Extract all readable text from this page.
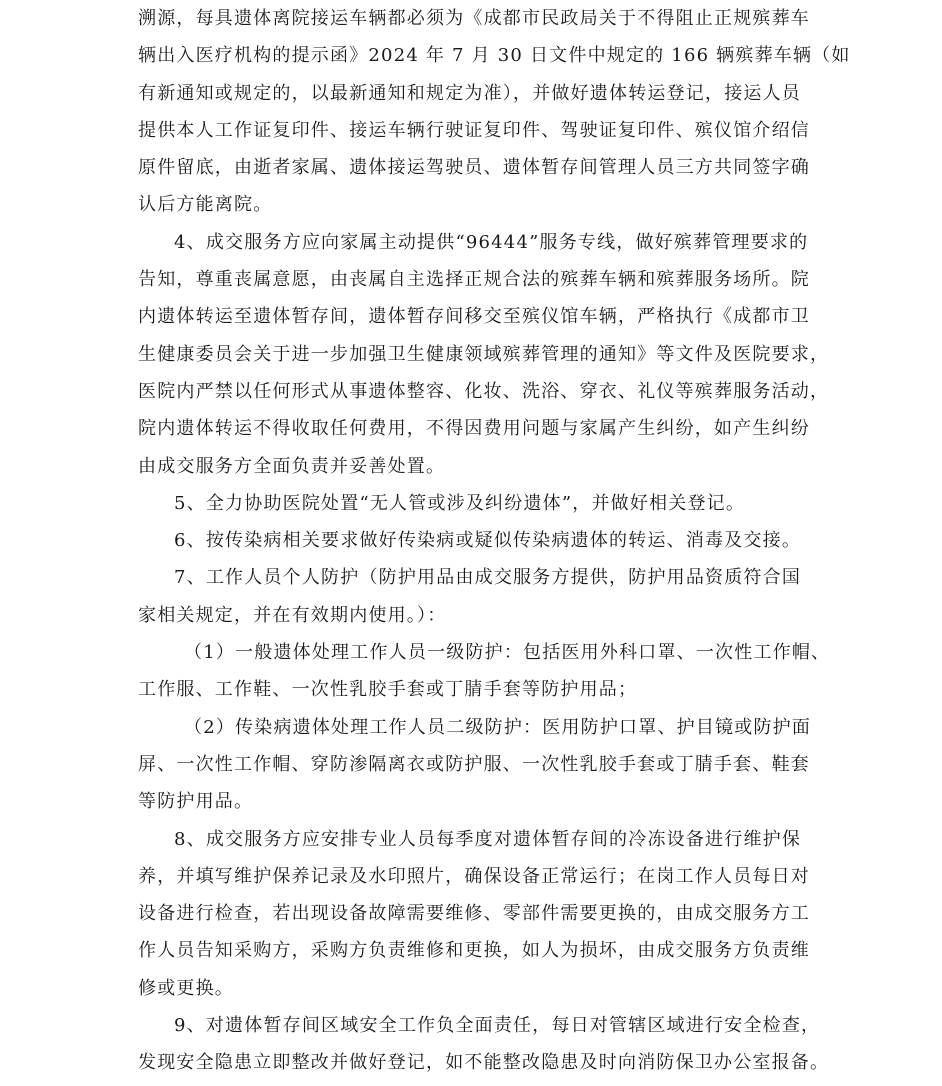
溯源，每具遗体离院接运车辆都必须为《成都市民政局关于不得阻止正规殡葬车
辆出入医疗机构的提示函》2024 年 7 月 30 日文件中规定的 166 辆殡葬车辆（如
有新通知或规定的，以最新通知和规定为准），并做好遗体转运登记，接运人员
提供本人工作证复印件、接运车辆行驶证复印件、驾驶证复印件、殡仪馆介绍信
原件留底，由逝者家属、遗体接运驾驶员、遗体暂存间管理人员三方共同签字确
认后方能离院。
4、成交服务方应向家属主动提供“96444”服务专线，做好殡葬管理要求的
告知，尊重丧属意愿，由丧属自主选择正规合法的殡葬车辆和殡葬服务场所。院
内遗体转运至遗体暂存间，遗体暂存间移交至殡仪馆车辆，严格执行《成都市卫
生健康委员会关于进一步加强卫生健康领域殡葬管理的通知》等文件及医院要求，
医院内严禁以任何形式从事遗体整容、化妆、洗浴、穿衣、礼仪等殡葬服务活动，
院内遗体转运不得收取任何费用，不得因费用问题与家属产生纠纷，如产生纠纷
由成交服务方全面负责并妥善处置。
5、全力协助医院处置“无人管或涉及纠纷遗体”，并做好相关登记。
6、按传染病相关要求做好传染病或疑似传染病遗体的转运、消毒及交接。
7、工作人员个人防护（防护用品由成交服务方提供，防护用品资质符合国
家相关规定，并在有效期内使用。）：
（1）一般遗体处理工作人员一级防护：包括医用外科口罩、一次性工作帽、
工作服、工作鞋、一次性乳胶手套或丁腈手套等防护用品；
（2）传染病遗体处理工作人员二级防护：医用防护口罩、护目镜或防护面
屏、一次性工作帽、穿防渗隔离衣或防护服、一次性乳胶手套或丁腈手套、鞋套
等防护用品。
8、成交服务方应安排专业人员每季度对遗体暂存间的冷冻设备进行维护保
养，并填写维护保养记录及水印照片，确保设备正常运行；在岗工作人员每日对
设备进行检查，若出现设备故障需要维修、零部件需要更换的，由成交服务方工
作人员告知采购方，采购方负责维修和更换，如人为损坏，由成交服务方负责维
修或更换。
9、对遗体暂存间区域安全工作负全面责任，每日对管辖区域进行安全检查，
发现安全隐患立即整改并做好登记，如不能整改隐患及时向消防保卫办公室报备。
